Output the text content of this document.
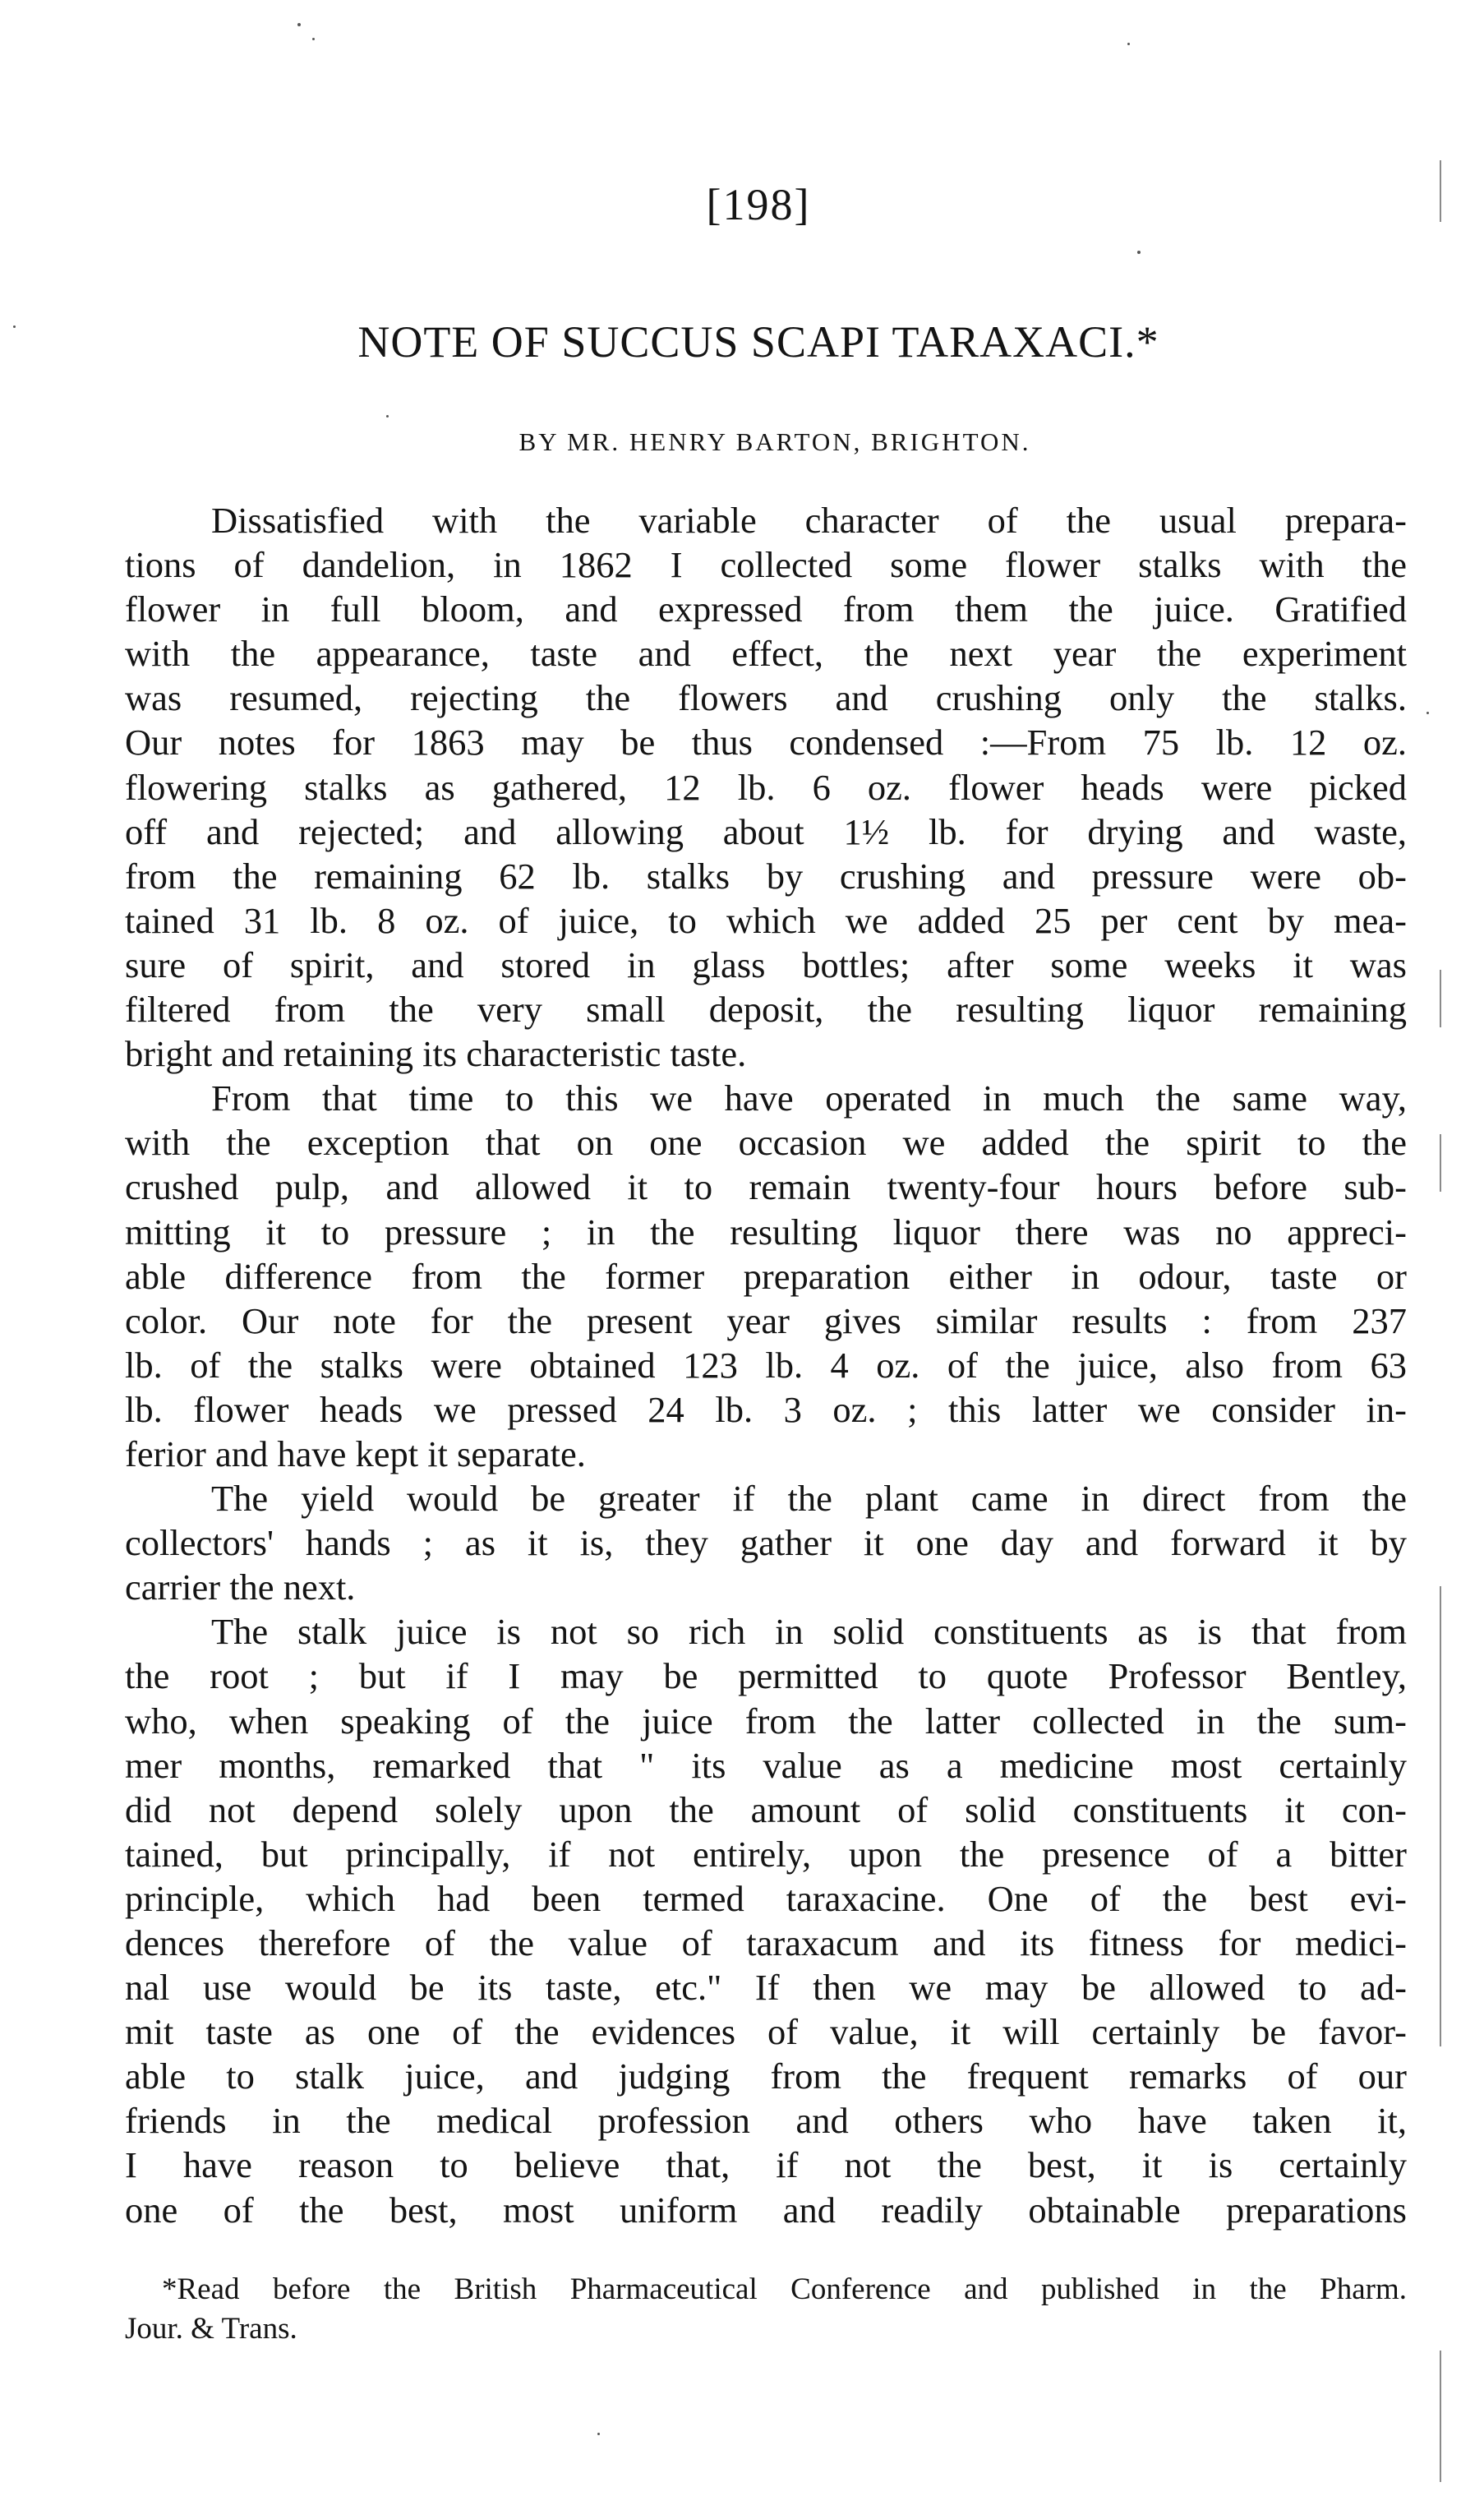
[198]
NOTE OF SUCCUS SCAPI TARAXACI.*
BY MR. HENRY BARTON, BRIGHTON.
Dissatisfied with the variable character of the usual prepara-
tions of dandelion, in 1862 I collected some flower stalks with the
flower in full bloom, and expressed from them the juice. Gratified
with the appearance, taste and effect, the next year the experiment
was resumed, rejecting the flowers and crushing only the stalks.
Our notes for 1863 may be thus condensed :—From 75 lb. 12 oz.
flowering stalks as gathered, 12 lb. 6 oz. flower heads were picked
off and rejected; and allowing about 1½ lb. for drying and waste,
from the remaining 62 lb. stalks by crushing and pressure were ob-
tained 31 lb. 8 oz. of juice, to which we added 25 per cent by mea-
sure of spirit, and stored in glass bottles; after some weeks it was
filtered from the very small deposit, the resulting liquor remaining
bright and retaining its characteristic taste.
From that time to this we have operated in much the same way,
with the exception that on one occasion we added the spirit to the
crushed pulp, and allowed it to remain twenty-four hours before sub-
mitting it to pressure ; in the resulting liquor there was no appreci-
able difference from the former preparation either in odour, taste or
color. Our note for the present year gives similar results : from 237
lb. of the stalks were obtained 123 lb. 4 oz. of the juice, also from 63
lb. flower heads we pressed 24 lb. 3 oz. ; this latter we consider in-
ferior and have kept it separate.
The yield would be greater if the plant came in direct from the
collectors' hands ; as it is, they gather it one day and forward it by
carrier the next.
The stalk juice is not so rich in solid constituents as is that from
the root ; but if I may be permitted to quote Professor Bentley,
who, when speaking of the juice from the latter collected in the sum-
mer months, remarked that " its value as a medicine most certainly
did not depend solely upon the amount of solid constituents it con-
tained, but principally, if not entirely, upon the presence of a bitter
principle, which had been termed taraxacine. One of the best evi-
dences therefore of the value of taraxacum and its fitness for medici-
nal use would be its taste, etc." If then we may be allowed to ad-
mit taste as one of the evidences of value, it will certainly be favor-
able to stalk juice, and judging from the frequent remarks of our
friends in the medical profession and others who have taken it,
I have reason to believe that, if not the best, it is certainly
one of the best, most uniform and readily obtainable preparations
*Read before the British Pharmaceutical Conference and published in the Pharm.
Jour. & Trans.
